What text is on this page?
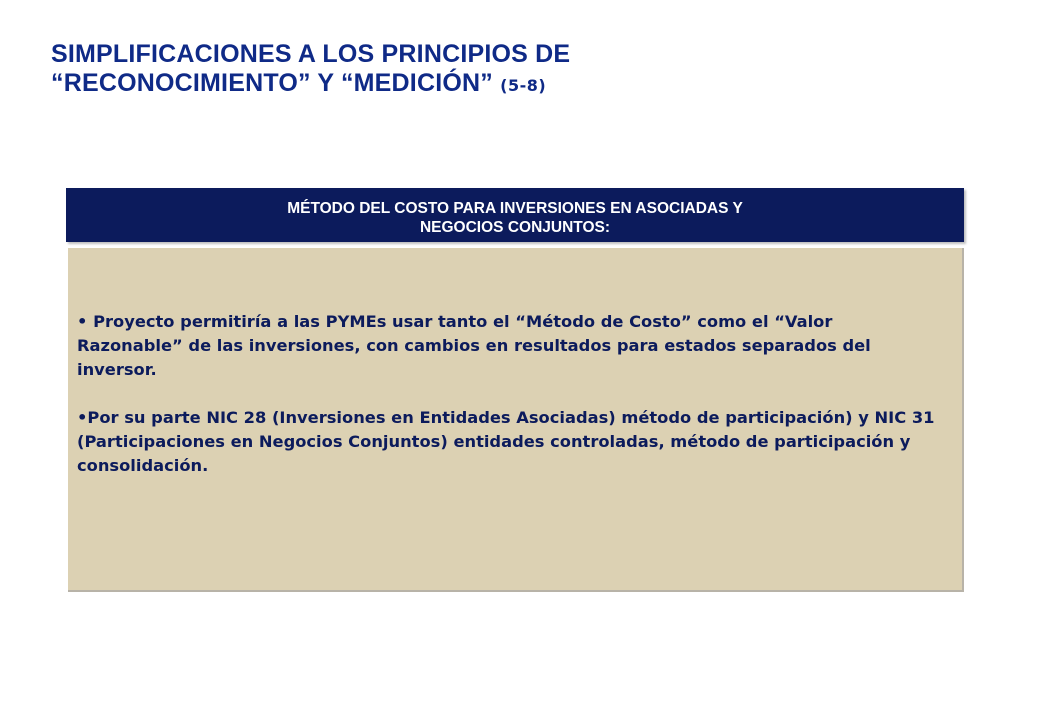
SIMPLIFICACIONES A LOS PRINCIPIOS DE
“RECONOCIMIENTO” Y “MEDICIÓN” (5-8)
MÉTODO DEL COSTO PARA INVERSIONES EN ASOCIADAS Y
NEGOCIOS CONJUNTOS:

• Proyecto permitiría a las PYMEs usar tanto el “Método de Costo” como el “Valor Razonable” de las inversiones, con cambios en resultados para estados separados del inversor.

•Por su parte NIC 28 (Inversiones en Entidades Asociadas) método de participación) y NIC 31 (Participaciones en Negocios Conjuntos) entidades controladas, método de participación y consolidación.
